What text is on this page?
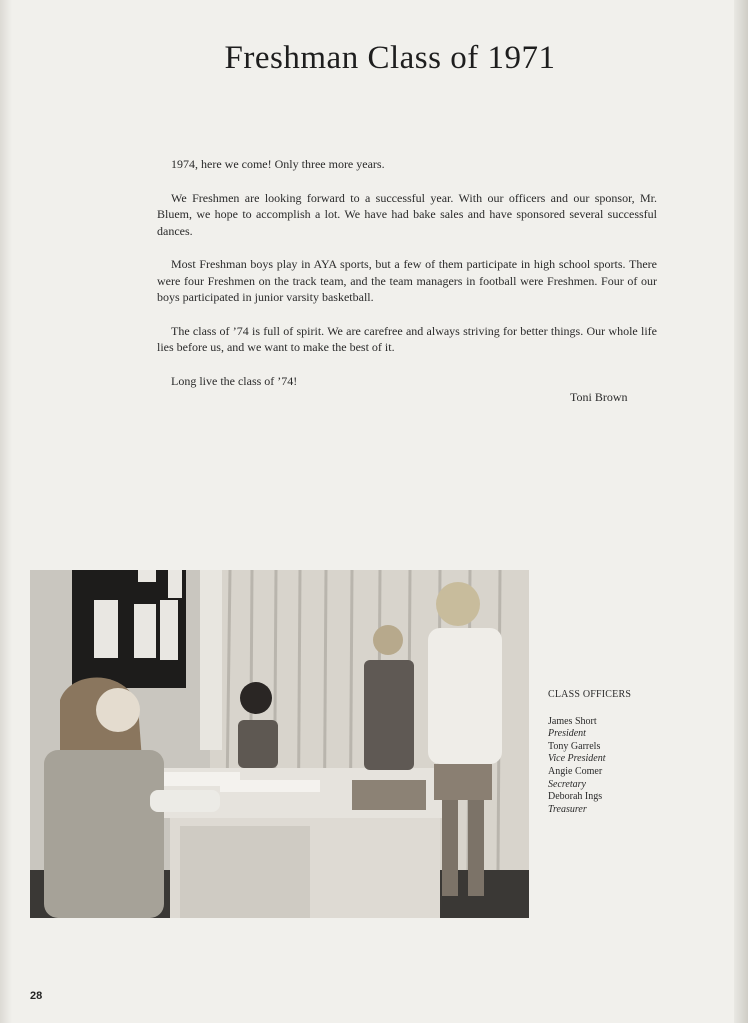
Freshman Class of 1971

1974, here we come! Only three more years.

We Freshmen are looking forward to a successful year. With our officers and our sponsor, Mr. Bluem, we hope to accomplish a lot. We have had bake sales and have sponsored several successful dances.

Most Freshman boys play in AYA sports, but a few of them participate in high school sports. There were four Freshmen on the track team, and the team managers in football were Freshmen. Four of our boys participated in junior varsity basketball.

The class of ’74 is full of spirit. We are carefree and always striving for better things. Our whole life lies before us, and we want to make the best of it.

Long live the class of ’74!

Toni Brown
CLASS OFFICERS
James Short
President
Tony Garrels
Vice President
Angie Comer
Secretary
Deborah Ings
Treasurer
28
